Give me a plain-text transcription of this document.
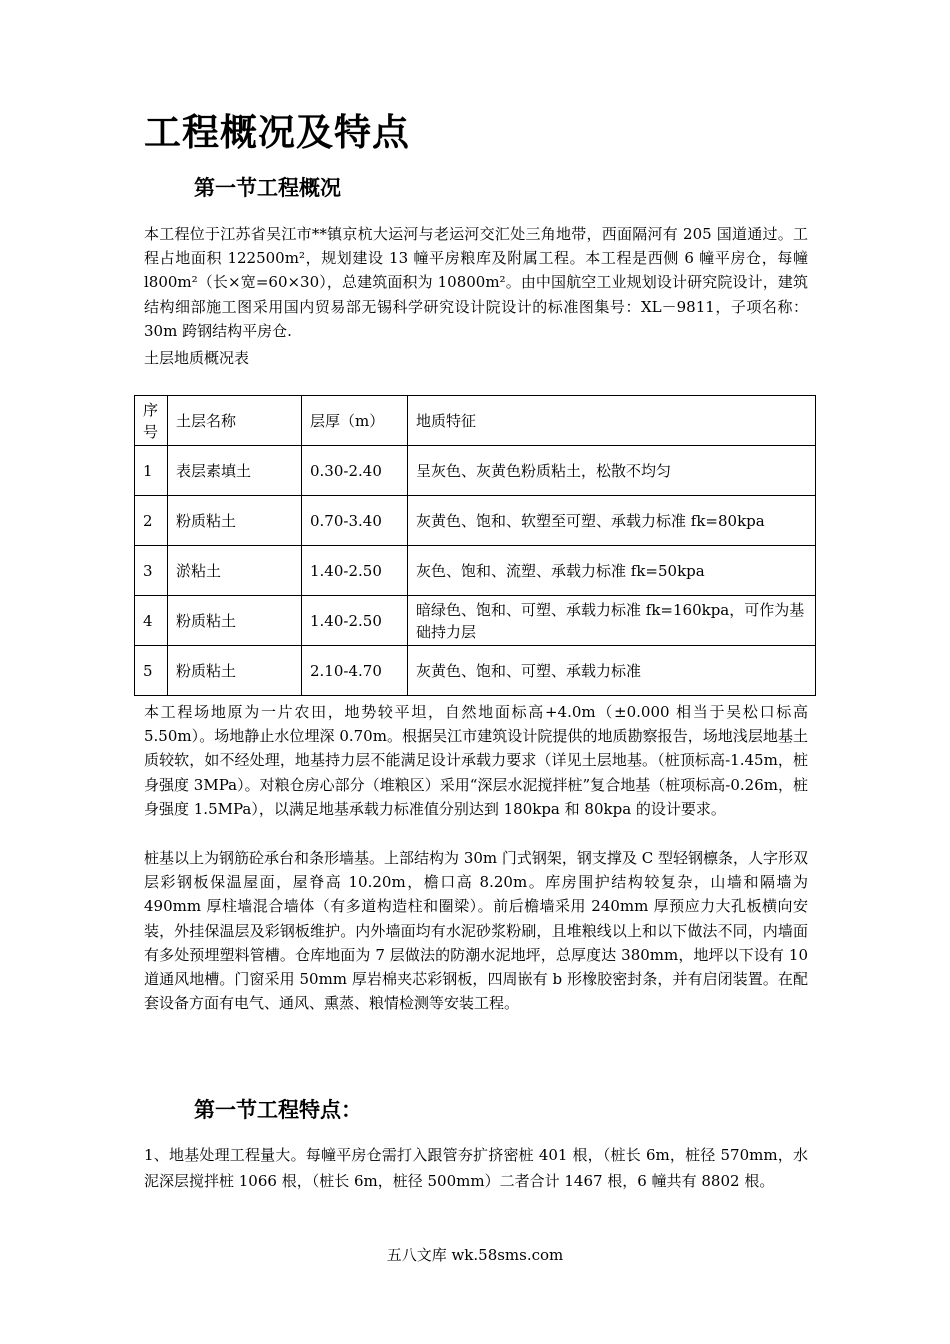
工程概况及特点
第一节工程概况

本工程位于江苏省吴江市**镇京杭大运河与老运河交汇处三角地带，西面隔河有 205 国道通过。工程占地面积 122500m²，规划建设 13 幢平房粮库及附属工程。本工程是西侧 6 幢平房仓，每幢 l800m²（长×宽=60×30），总建筑面积为 10800m²。由中国航空工业规划设计研究院设计，建筑结构细部施工图采用国内贸易部无锡科学研究设计院设计的标准图集号：XL－9811，子项名称：30m 跨钢结构平房仓.

土层地质概况表

序号	土层名称	层厚（m）	地质特征
1	表层素填土	0.30-2.40	呈灰色、灰黄色粉质粘土，松散不均匀
2	粉质粘土	0.70-3.40	灰黄色、饱和、软塑至可塑、承载力标准 fk=80kpa
3	淤粘土	1.40-2.50	灰色、饱和、流塑、承载力标准 fk=50kpa
4	粉质粘土	1.40-2.50	暗绿色、饱和、可塑、承载力标准 fk=160kpa，可作为基础持力层
5	粉质粘土	2.10-4.70	灰黄色、饱和、可塑、承载力标准

本工程场地原为一片农田，地势较平坦，自然地面标高+4.0m（±0.000 相当于吴松口标高 5.50m）。场地静止水位埋深 0.70m。根据吴江市建筑设计院提供的地质勘察报告，场地浅层地基土质较软，如不经处理，地基持力层不能满足设计承载力要求（详见土层地基。（桩顶标高-1.45m，桩身强度 3MPa）。对粮仓房心部分（堆粮区）采用“深层水泥搅拌桩”复合地基（桩项标高-0.26m，桩身强度 1.5MPa），以满足地基承载力标准值分别达到 180kpa 和 80kpa 的设计要求。

桩基以上为钢筋砼承台和条形墙基。上部结构为 30m 门式钢架，钢支撑及 C 型轻钢檩条，人字形双层彩钢板保温屋面，屋脊高 10.20m，檐口高 8.20m。库房围护结构较复杂，山墙和隔墙为 490mm 厚柱墙混合墙体（有多道构造柱和圈梁）。前后檐墙采用 240mm 厚预应力大孔板横向安装，外挂保温层及彩钢板维护。内外墙面均有水泥砂浆粉刷，且堆粮线以上和以下做法不同，内墙面有多处预埋塑料管槽。仓库地面为 7 层做法的防潮水泥地坪，总厚度达 380mm，地坪以下设有 10 道通风地槽。门窗采用 50mm 厚岩棉夹芯彩钢板，四周嵌有 b 形橡胶密封条，并有启闭装置。在配套设备方面有电气、通风、熏蒸、粮情检测等安装工程。

第一节工程特点：

1、地基处理工程量大。每幢平房仓需打入跟管夯扩挤密桩 401 根，（桩长 6m，桩径 570mm，水泥深层搅拌桩 1066 根，（桩长 6m，桩径 500mm）二者合计 1467 根，6 幢共有 8802 根。

五八文库 wk.58sms.com
